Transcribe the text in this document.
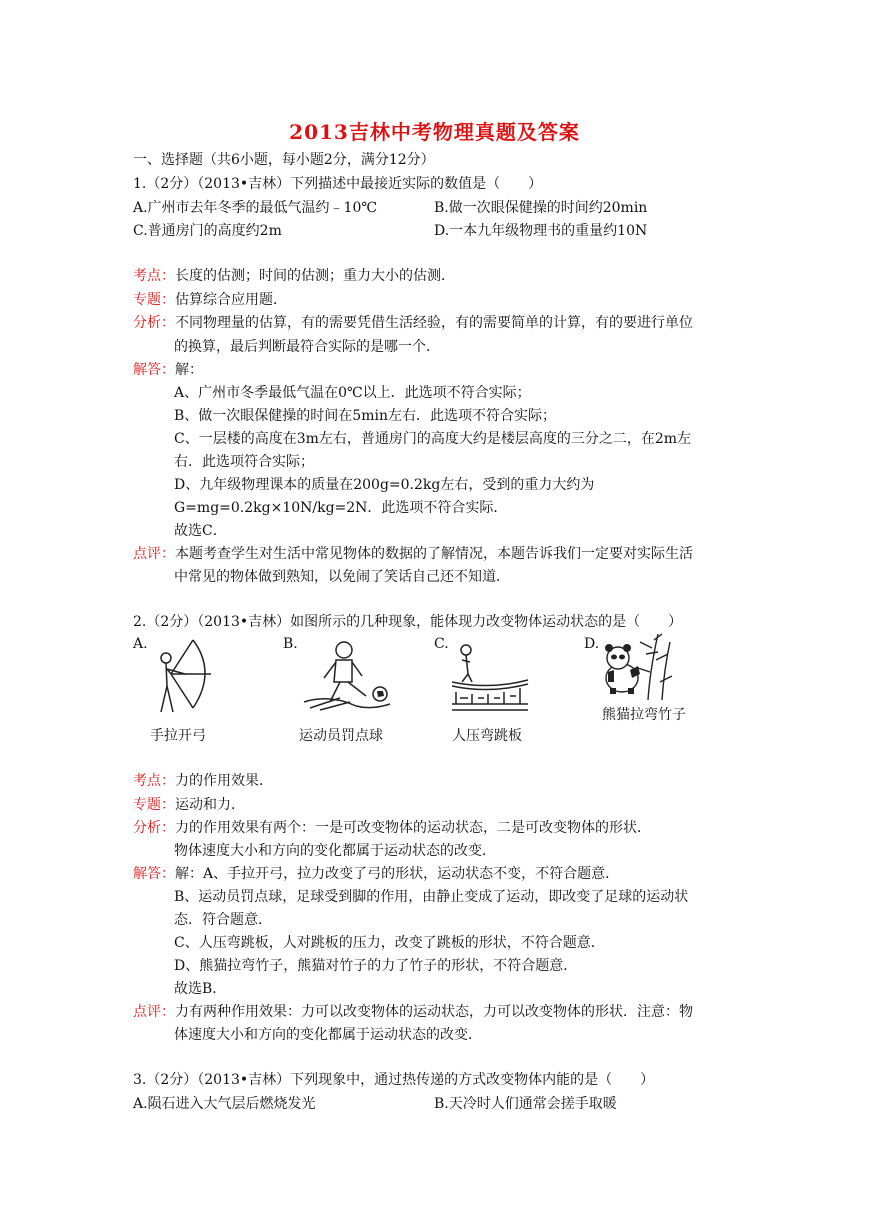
2013吉林中考物理真题及答案
一、选择题（共6小题，每小题2分，满分12分）
1.（2分）（2013•吉林）下列描述中最接近实际的数值是（　　）
A.广州市去年冬季的最低气温约﹣10℃	B.做一次眼保健操的时间约20min
C.普通房门的高度约2m	D.一本九年级物理书的重量约10N
考点：长度的估测；时间的估测；重力大小的估测．
专题：估算综合应用题．
分析：不同物理量的估算，有的需要凭借生活经验，有的需要简单的计算，有的要进行单位
的换算，最后判断最符合实际的是哪一个．
解答：解：
A、广州市冬季最低气温在0℃以上．此选项不符合实际；
B、做一次眼保健操的时间在5min左右．此选项不符合实际；
C、一层楼的高度在3m左右，普通房门的高度大约是楼层高度的三分之二，在2m左
右．此选项符合实际；
D、九年级物理课本的质量在200g=0.2kg左右，受到的重力大约为
G=mg=0.2kg×10N/kg=2N．此选项不符合实际．
故选C．
点评：本题考查学生对生活中常见物体的数据的了解情况，本题告诉我们一定要对实际生活
中常见的物体做到熟知，以免闹了笑话自己还不知道．
2.（2分）（2013•吉林）如图所示的几种现象，能体现力改变物体运动状态的是（　　）
A.	B.	C.	D.
手拉开弓	运动员罚点球	人压弯跳板
熊猫拉弯竹子
考点：力的作用效果．
专题：运动和力．
分析：力的作用效果有两个：一是可改变物体的运动状态，二是可改变物体的形状．
物体速度大小和方向的变化都属于运动状态的改变．
解答：解：A、手拉开弓，拉力改变了弓的形状，运动状态不变，不符合题意．
B、运动员罚点球，足球受到脚的作用，由静止变成了运动，即改变了足球的运动状
态．符合题意．
C、人压弯跳板，人对跳板的压力，改变了跳板的形状，不符合题意．
D、熊猫拉弯竹子，熊猫对竹子的力了竹子的形状，不符合题意．
故选B．
点评：力有两种作用效果：力可以改变物体的运动状态，力可以改变物体的形状．注意：物
体速度大小和方向的变化都属于运动状态的改变．
3.（2分）（2013•吉林）下列现象中，通过热传递的方式改变物体内能的是（　　）
A.陨石进入大气层后燃烧发光	B.天冷时人们通常会搓手取暖
